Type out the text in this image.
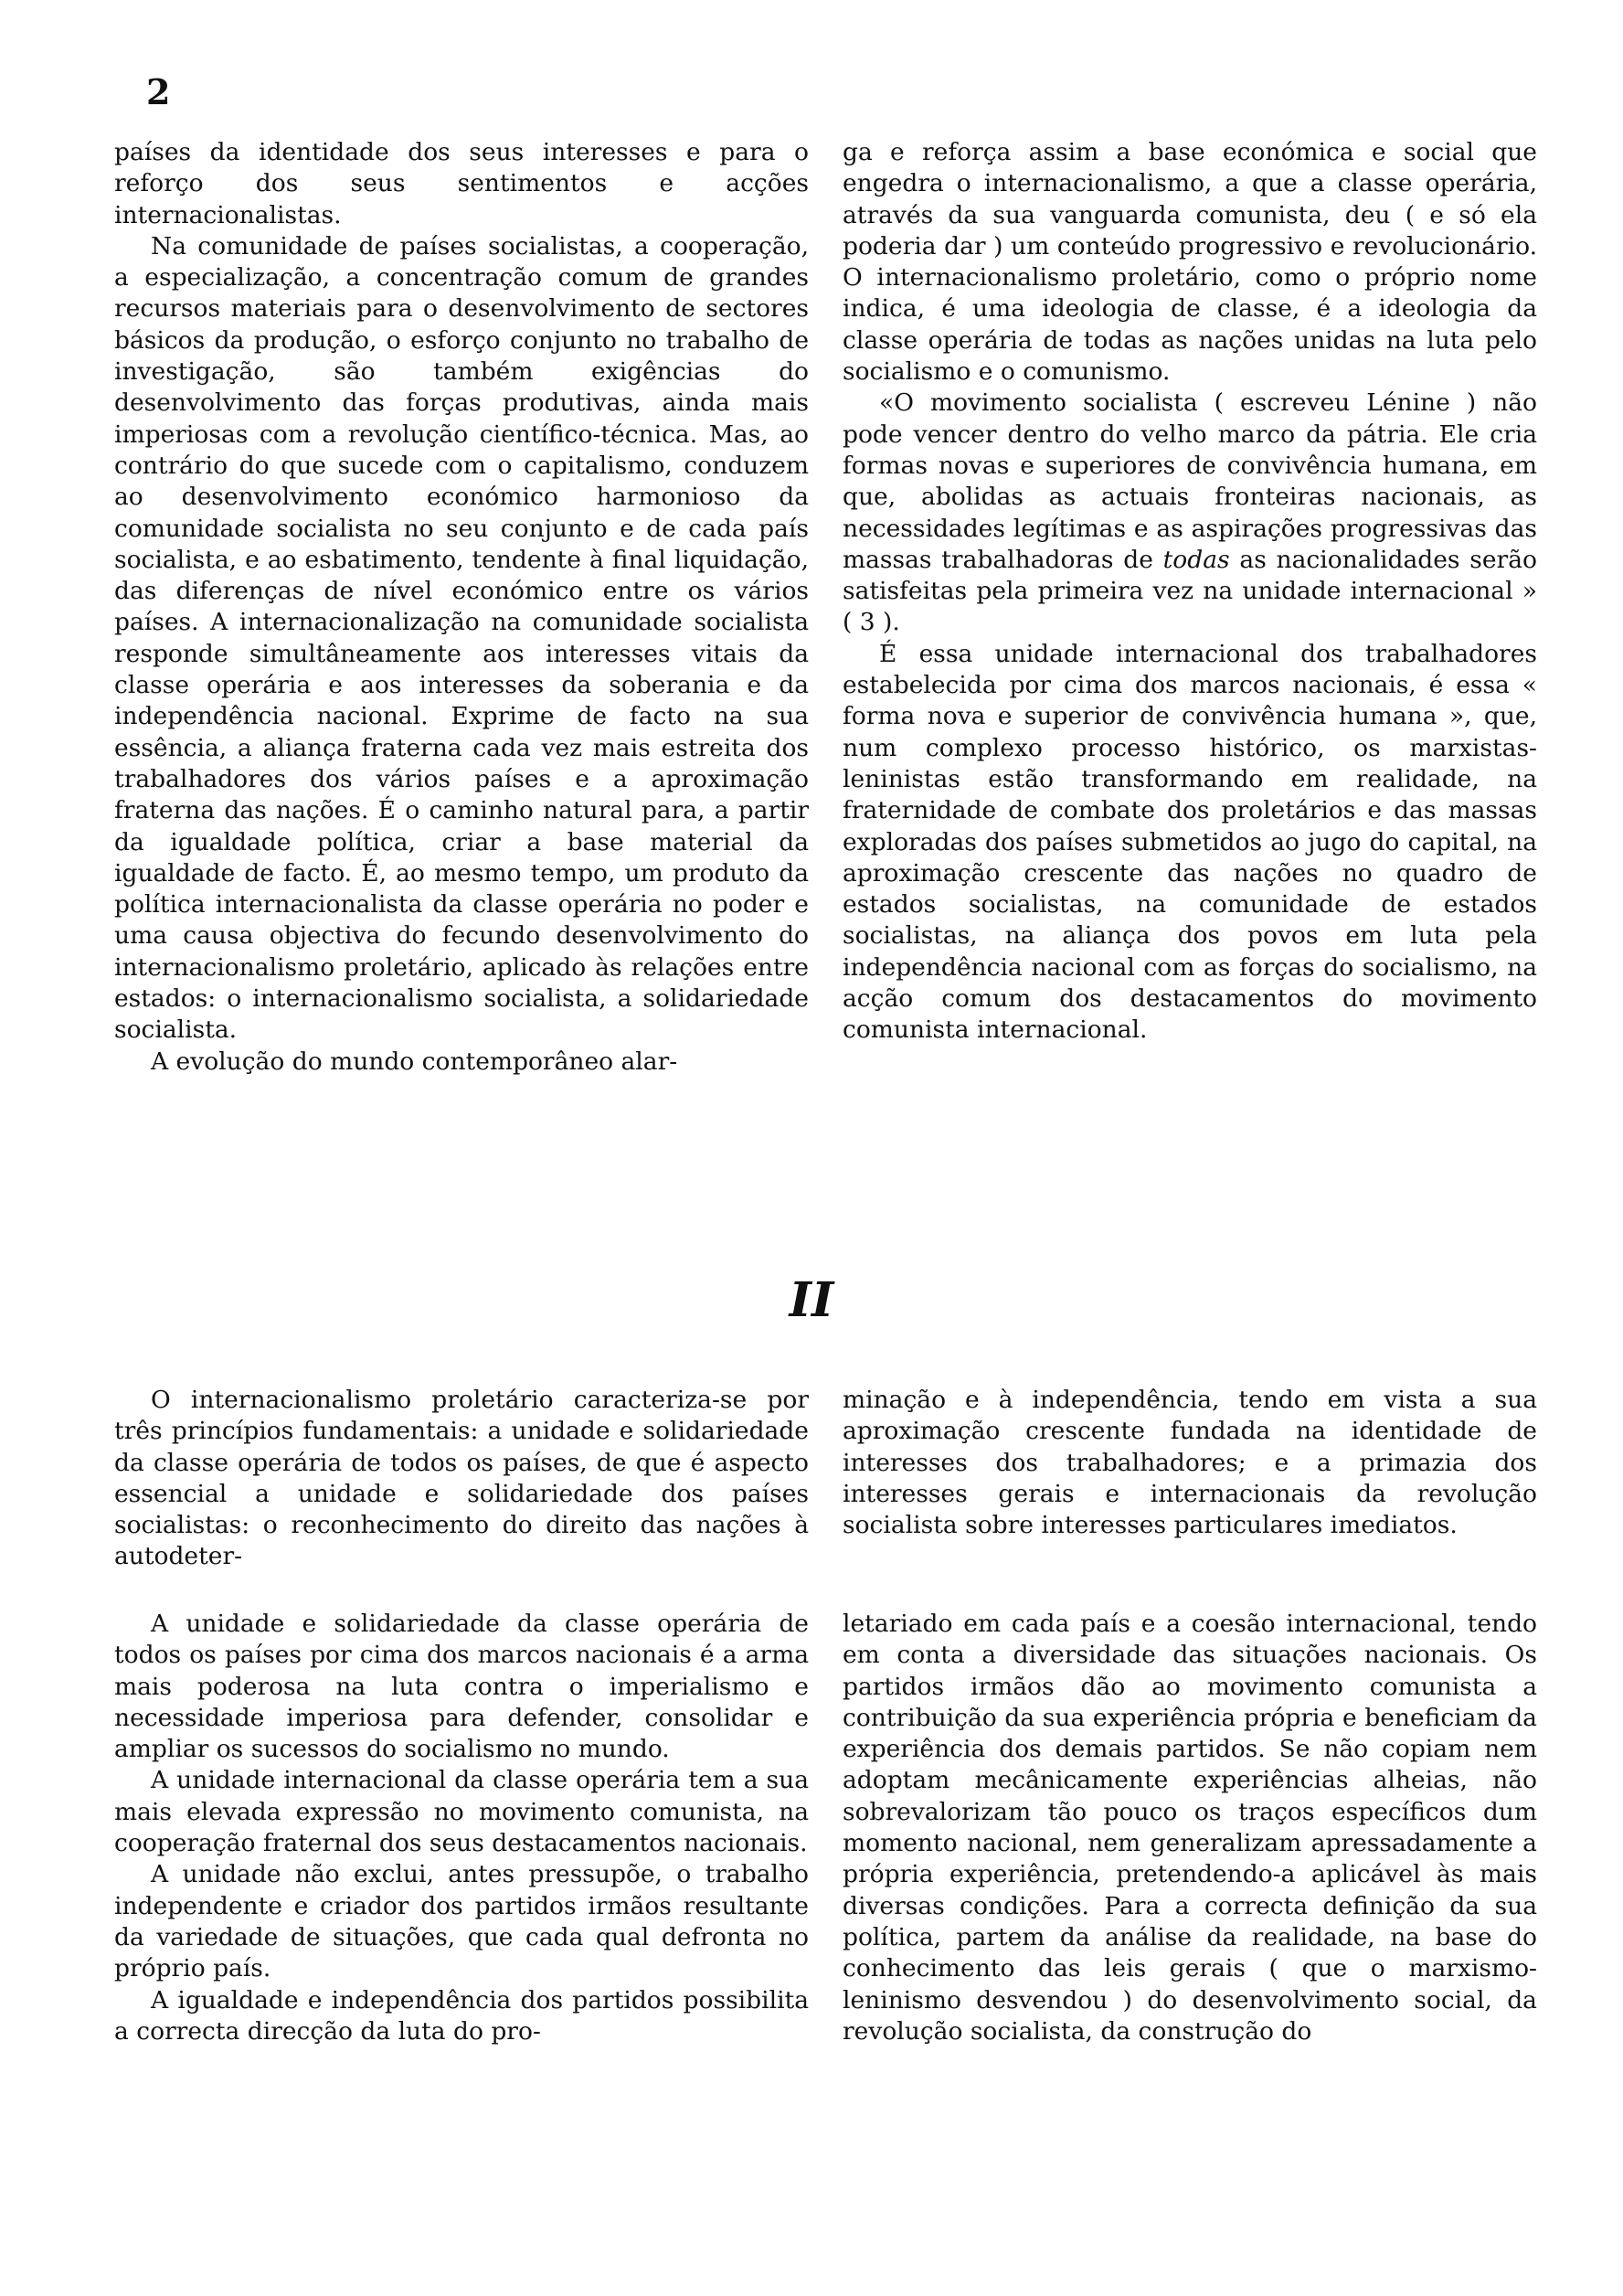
2

países da identidade dos seus interesses e para o reforço dos seus sentimentos e acções internacionalistas.

Na comunidade de países socialistas, a cooperação, a especialização, a concentração comum de grandes recursos materiais para o desenvolvimento de sectores básicos da produção, o esforço conjunto no trabalho de investigação, são também exigências do desenvolvimento das forças produtivas, ainda mais imperiosas com a revolução científico-técnica. Mas, ao contrário do que sucede com o capitalismo, conduzem ao desenvolvimento económico harmonioso da comunidade socialista no seu conjunto e de cada país socialista, e ao esbatimento, tendente à final liquidação, das diferenças de nível económico entre os vários países. A internacionalização na comunidade socialista responde simultâneamente aos interesses vitais da classe operária e aos interesses da soberania e da independência nacional. Exprime de facto na sua essência, a aliança fraterna cada vez mais estreita dos trabalhadores dos vários países e a aproximação fraterna das nações. É o caminho natural para, a partir da igualdade política, criar a base material da igualdade de facto. É, ao mesmo tempo, um produto da política internacionalista da classe operária no poder e uma causa objectiva do fecundo desenvolvimento do internacionalismo proletário, aplicado às relações entre estados: o internacionalismo socialista, a solidariedade socialista.

A evolução do mundo contemporâneo alar-

ga e reforça assim a base económica e social que engedra o internacionalismo, a que a classe operária, através da sua vanguarda comunista, deu ( e só ela poderia dar ) um conteúdo progressivo e revolucionário. O internacionalismo proletário, como o próprio nome indica, é uma ideologia de classe, é a ideologia da classe operária de todas as nações unidas na luta pelo socialismo e o comunismo.

«O movimento socialista ( escreveu Lénine ) não pode vencer dentro do velho marco da pátria. Ele cria formas novas e superiores de convivência humana, em que, abolidas as actuais fronteiras nacionais, as necessidades legítimas e as aspirações progressivas das massas trabalhadoras de todas as nacionalidades serão satisfeitas pela primeira vez na unidade internacional » ( 3 ).

É essa unidade internacional dos trabalhadores estabelecida por cima dos marcos nacionais, é essa « forma nova e superior de convivência humana », que, num complexo processo histórico, os marxistas-leninistas estão transformando em realidade, na fraternidade de combate dos proletários e das massas exploradas dos países submetidos ao jugo do capital, na aproximação crescente das nações no quadro de estados socialistas, na comunidade de estados socialistas, na aliança dos povos em luta pela independência nacional com as forças do socialismo, na acção comum dos destacamentos do movimento comunista internacional.

II

O internacionalismo proletário caracteriza-se por três princípios fundamentais: a unidade e solidariedade da classe operária de todos os países, de que é aspecto essencial a unidade e solidariedade dos países socialistas: o reconhecimento do direito das nações à autodeter-

minação e à independência, tendo em vista a sua aproximação crescente fundada na identidade de interesses dos trabalhadores; e a primazia dos interesses gerais e internacionais da revolução socialista sobre interesses particulares imediatos.

A unidade e solidariedade da classe operária de todos os países por cima dos marcos nacionais é a arma mais poderosa na luta contra o imperialismo e necessidade imperiosa para defender, consolidar e ampliar os sucessos do socialismo no mundo.

A unidade internacional da classe operária tem a sua mais elevada expressão no movimento comunista, na cooperação fraternal dos seus destacamentos nacionais.

A unidade não exclui, antes pressupõe, o trabalho independente e criador dos partidos irmãos resultante da variedade de situações, que cada qual defronta no próprio país.

A igualdade e independência dos partidos possibilita a correcta direcção da luta do pro-

letariado em cada país e a coesão internacional, tendo em conta a diversidade das situações nacionais. Os partidos irmãos dão ao movimento comunista a contribuição da sua experiência própria e beneficiam da experiência dos demais partidos. Se não copiam nem adoptam mecânicamente experiências alheias, não sobrevalorizam tão pouco os traços específicos dum momento nacional, nem generalizam apressadamente a própria experiência, pretendendo-a aplicável às mais diversas condições. Para a correcta definição da sua política, partem da análise da realidade, na base do conhecimento das leis gerais ( que o marxismo-leninismo desvendou ) do desenvolvimento social, da revolução socialista, da construção do
